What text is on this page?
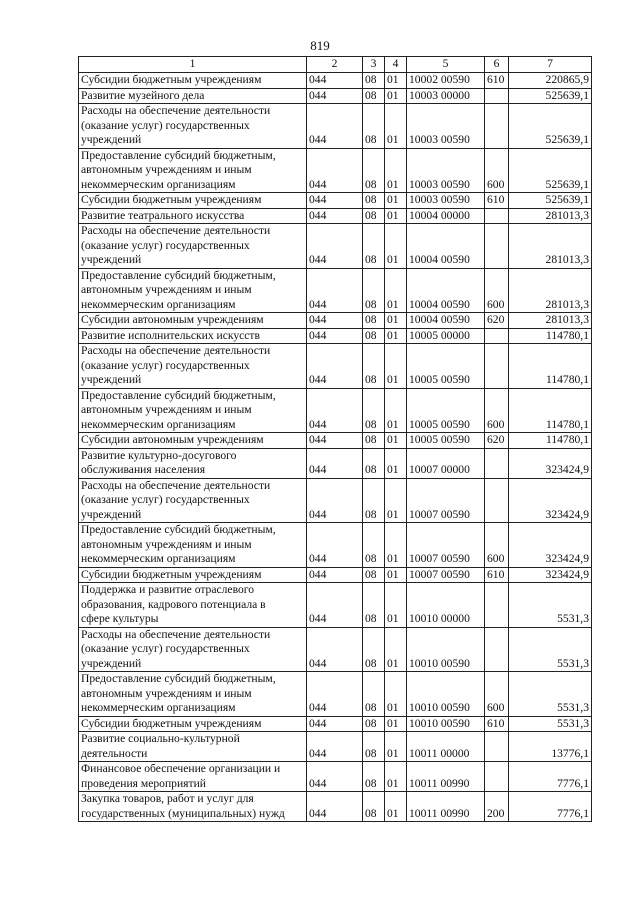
819
1	2	3	4	5	6	7
Субсидии бюджетным учреждениям	044	08	01	10002 00590	610	220865,9
Развитие музейного дела	044	08	01	10003 00000		525639,1
Расходы на обеспечение деятельности
(оказание услуг) государственных
учреждений	044	08	01	10003 00590		525639,1
Предоставление субсидий бюджетным,
автономным учреждениям и иным
некоммерческим организациям	044	08	01	10003 00590	600	525639,1
Субсидии бюджетным учреждениям	044	08	01	10003 00590	610	525639,1
Развитие театрального искусства	044	08	01	10004 00000		281013,3
Расходы на обеспечение деятельности
(оказание услуг) государственных
учреждений	044	08	01	10004 00590		281013,3
Предоставление субсидий бюджетным,
автономным учреждениям и иным
некоммерческим организациям	044	08	01	10004 00590	600	281013,3
Субсидии автономным учреждениям	044	08	01	10004 00590	620	281013,3
Развитие исполнительских искусств	044	08	01	10005 00000		114780,1
Расходы на обеспечение деятельности
(оказание услуг) государственных
учреждений	044	08	01	10005 00590		114780,1
Предоставление субсидий бюджетным,
автономным учреждениям и иным
некоммерческим организациям	044	08	01	10005 00590	600	114780,1
Субсидии автономным учреждениям	044	08	01	10005 00590	620	114780,1
Развитие культурно-досугового
обслуживания населения	044	08	01	10007 00000		323424,9
Расходы на обеспечение деятельности
(оказание услуг) государственных
учреждений	044	08	01	10007 00590		323424,9
Предоставление субсидий бюджетным,
автономным учреждениям и иным
некоммерческим организациям	044	08	01	10007 00590	600	323424,9
Субсидии бюджетным учреждениям	044	08	01	10007 00590	610	323424,9
Поддержка и развитие отраслевого
образования, кадрового потенциала в
сфере культуры	044	08	01	10010 00000		5531,3
Расходы на обеспечение деятельности
(оказание услуг) государственных
учреждений	044	08	01	10010 00590		5531,3
Предоставление субсидий бюджетным,
автономным учреждениям и иным
некоммерческим организациям	044	08	01	10010 00590	600	5531,3
Субсидии бюджетным учреждениям	044	08	01	10010 00590	610	5531,3
Развитие социально-культурной
деятельности	044	08	01	10011 00000		13776,1
Финансовое обеспечение организации и
проведения мероприятий	044	08	01	10011 00990		7776,1
Закупка товаров, работ и услуг для
государственных (муниципальных) нужд	044	08	01	10011 00990	200	7776,1
